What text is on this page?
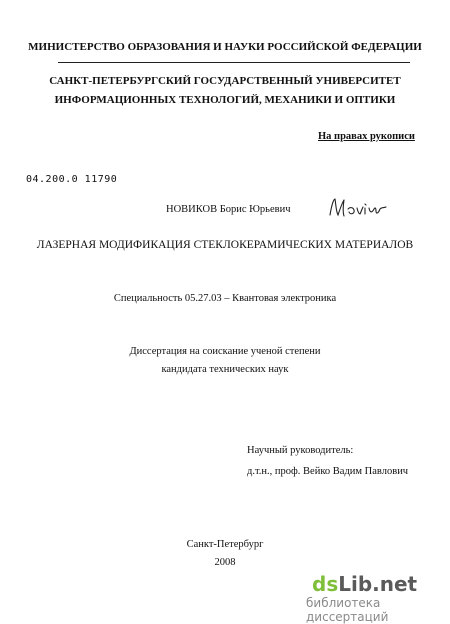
МИНИСТЕРСТВО ОБРАЗОВАНИЯ И НАУКИ РОССИЙСКОЙ ФЕДЕРАЦИИ
САНКТ-ПЕТЕРБУРГСКИЙ ГОСУДАРСТВЕННЫЙ УНИВЕРСИТЕТ
ИНФОРМАЦИОННЫХ ТЕХНОЛОГИЙ, МЕХАНИКИ И ОПТИКИ
На правах рукописи
04.200.0 11790
НОВИКОВ Борис Юрьевич
ЛАЗЕРНАЯ МОДИФИКАЦИЯ СТЕКЛОКЕРАМИЧЕСКИХ МАТЕРИАЛОВ
Специальность 05.27.03 – Квантовая электроника
Диссертация на соискание ученой степени
кандидата технических наук
Научный руководитель:
д.т.н., проф. Вейко Вадим Павлович
Санкт-Петербург
2008
ds Lib.net
библиотека диссертаций
